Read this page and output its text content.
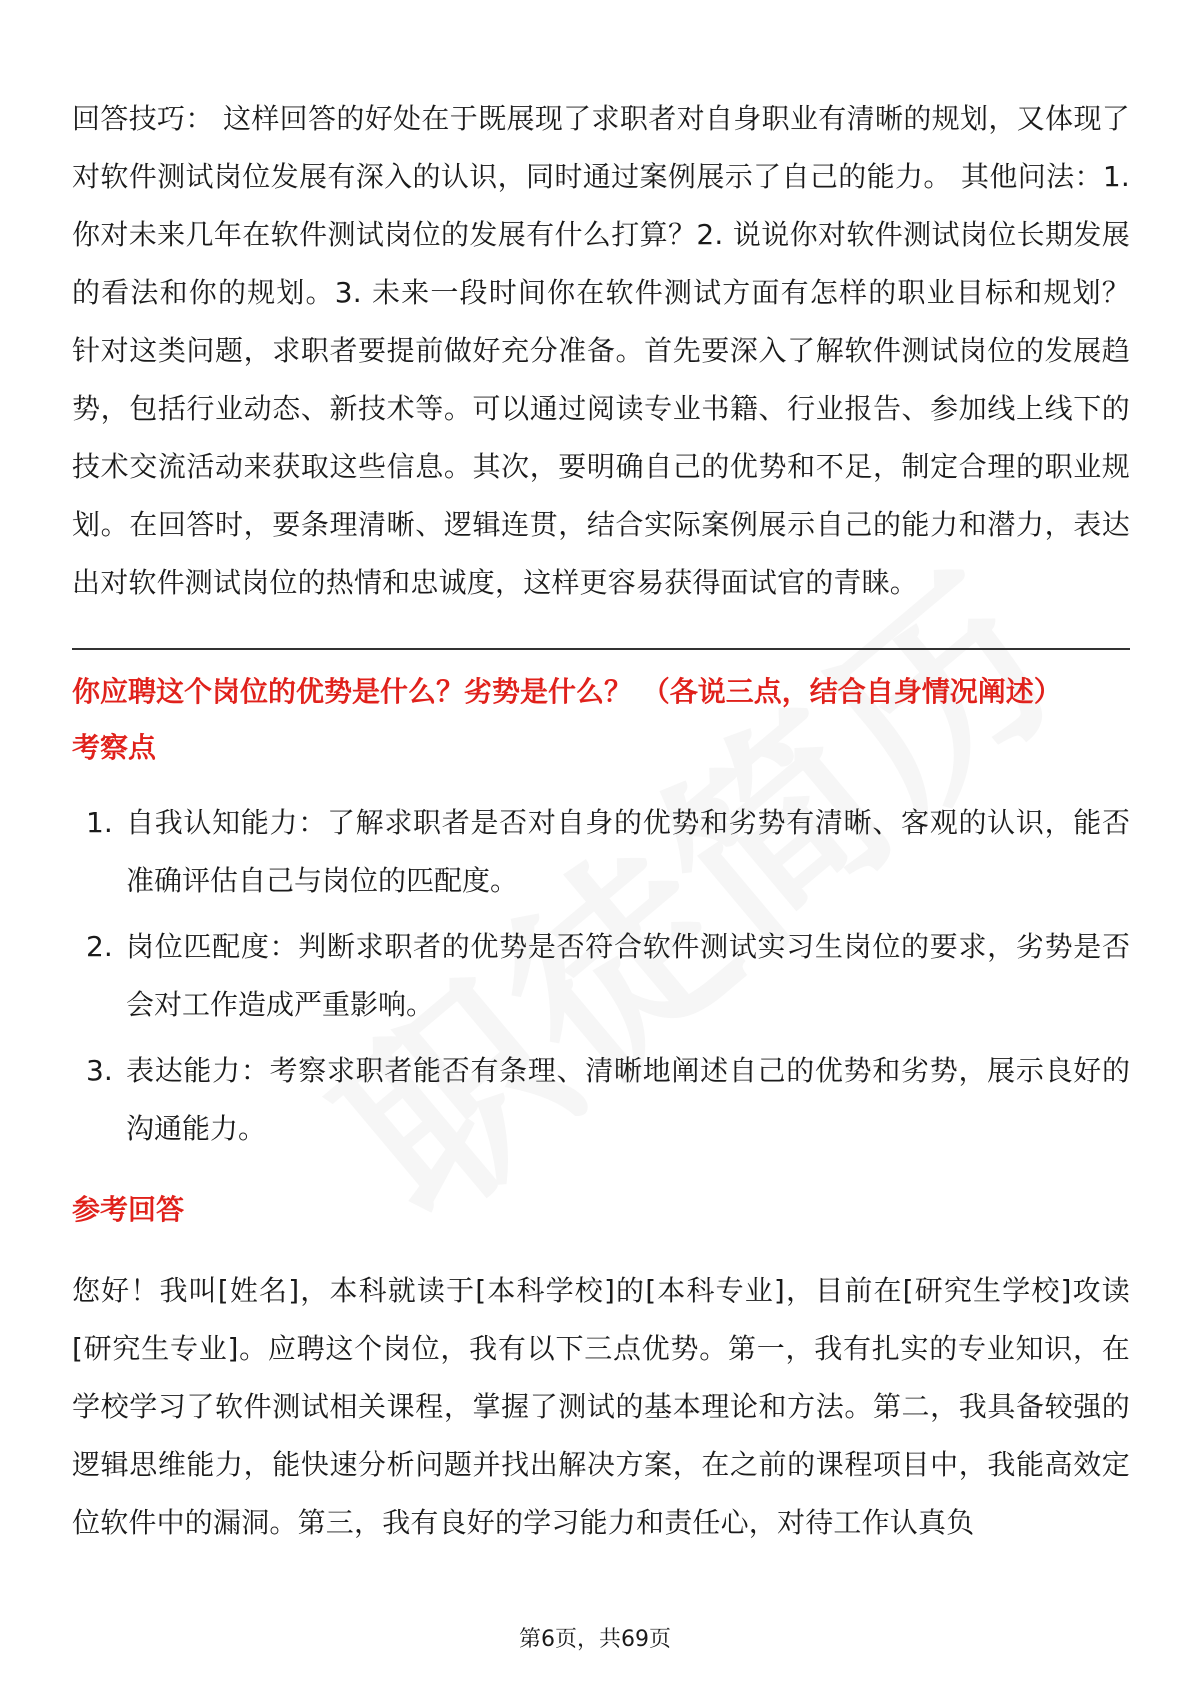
回答技巧： 这样回答的好处在于既展现了求职者对自身职业有清晰的规划，又体现了对软件测试岗位发展有深入的认识，同时通过案例展示了自己的能力。 其他问法：1. 你对未来几年在软件测试岗位的发展有什么打算？2. 说说你对软件测试岗位长期发展的看法和你的规划。3. 未来一段时间你在软件测试方面有怎样的职业目标和规划？ 针对这类问题，求职者要提前做好充分准备。首先要深入了解软件测试岗位的发展趋势，包括行业动态、新技术等。可以通过阅读专业书籍、行业报告、参加线上线下的技术交流活动来获取这些信息。其次，要明确自己的优势和不足，制定合理的职业规划。在回答时，要条理清晰、逻辑连贯，结合实际案例展示自己的能力和潜力，表达出对软件测试岗位的热情和忠诚度，这样更容易获得面试官的青睐。

你应聘这个岗位的优势是什么？劣势是什么？ （各说三点，结合自身情况阐述）
考察点
1. 自我认知能力：了解求职者是否对自身的优势和劣势有清晰、客观的认识，能否准确评估自己与岗位的匹配度。
2. 岗位匹配度：判断求职者的优势是否符合软件测试实习生岗位的要求，劣势是否会对工作造成严重影响。
3. 表达能力：考察求职者能否有条理、清晰地阐述自己的优势和劣势，展示良好的沟通能力。
参考回答

您好！我叫[姓名]，本科就读于[本科学校]的[本科专业]，目前在[研究生学校]攻读[研究生专业]。应聘这个岗位，我有以下三点优势。第一，我有扎实的专业知识，在学校学习了软件测试相关课程，掌握了测试的基本理论和方法。第二，我具备较强的逻辑思维能力，能快速分析问题并找出解决方案，在之前的课程项目中，我能高效定位软件中的漏洞。第三，我有良好的学习能力和责任心，对待工作认真负

第6页，共69页
